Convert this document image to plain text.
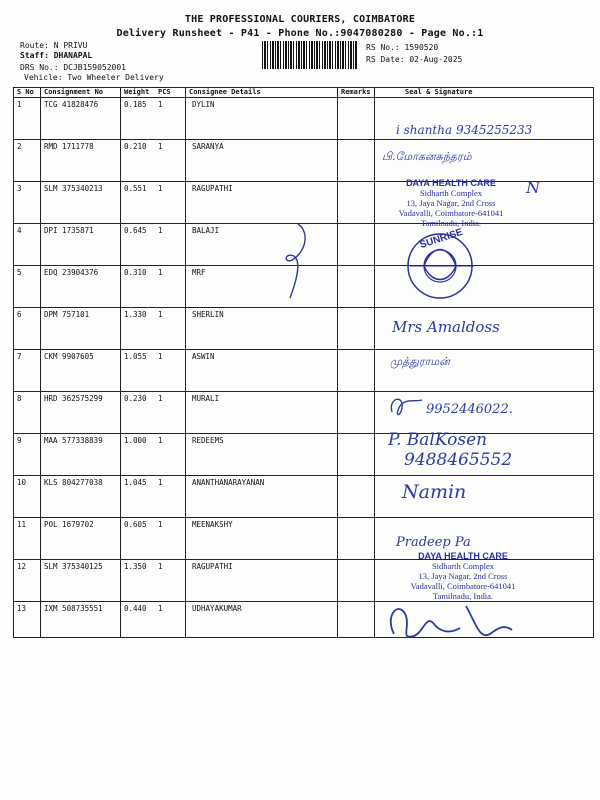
THE PROFESSIONAL COURIERS, COIMBATORE
Delivery Runsheet - P41 - Phone No.:9047080280 - Page No.:1
Route: N PRIVU
Staff: DHANAPAL
DRS No.: DCJB159052001
Vehicle: Two Wheeler Delivery
RS No.: 1590520
RS Date: 02-Aug-2025
S No	Consignment No	Weight PCS	Consignee Details	Remarks	Seal & Signature
1	TCG 41828476	0.185 1	DYLIN		
2	RMD 1711778	0.210 1	SARANYA		
3	SLM 375340213	0.551 1	RAGUPATHI		
4	DPI 1735871	0.645 1	BALAJI		
5	EDQ 23904376	0.310 1	MRF		
6	DPM 757101	1.330 1	SHERLIN		
7	CKM 9907605	1.055 1	ASWIN		
8	HRD 362575299	0.230 1	MURALI		
9	MAA 577338839	1.000 1	REDEEMS		
10	KLS 804277038	1.045 1	ANANTHANARAYANAN		
11	POL 1679702	0.605 1	MEENAKSHY		
12	SLM 375340125	1.350 1	RAGUPATHI		
13	IXM 508735551	0.440 1	UDHAYAKUMAR		
i shantha 9345255233
பி.மோகனசுந்தரம்
DAYA HEALTH CARE
Sidharth Complex
13, Jaya Nagar, 2nd Cross
Vadavalli, Coimbatore-641041
Tamilnadu, India.
N
SUNRISE
Mrs Amaldoss
முத்துராமன்
9952446022.
P. BalKosen
9488465552
Namin
Pradeep Pa
DAYA HEALTH CARE
Sidharth Complex
13, Jaya Nagar, 2nd Cross
Vadavalli, Coimbatore-641041
Tamilnadu, India.
